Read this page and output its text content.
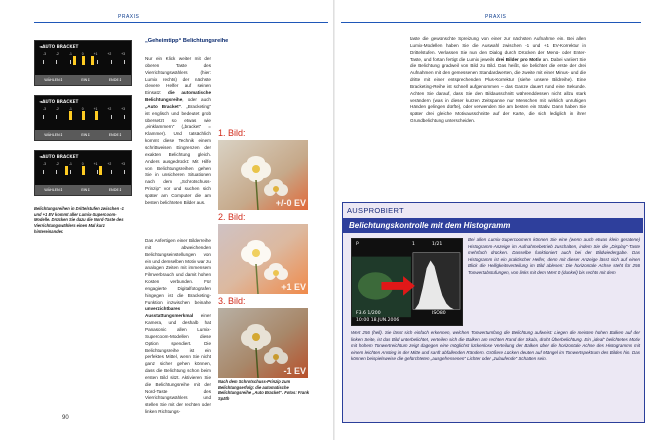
PRAXIS
◄AUTO BRACKET
-3	-2	-1	0	+1	+2	+3
WÄHLEN↕	EIN↕	ENDE↕
◄AUTO BRACKET
-3	-2	-1	0	+1	+2	+3
WÄHLEN↕	EIN↕	ENDE↕
◄AUTO BRACKET
-3	-2	-1	0	+1	+2	+3
WÄHLEN↕	EIN↕	ENDE↕
Belichtungsreihen in Drittelstufen zwischen -1 und +1 EV kommt aller Lumix-Supercoom-Modelle. Drücken Sie dazu die Nord-Taste des Vierrichtungswählers einen Mal kurz hintereinander.
„Geheimtipp“ Belichtungsreihe
Nur ein Klick weiter mit der oberen Taste des Vierrichtungswählers (hier: Lumix rechts) der nächste clevere Helfer auf seinen Einsatz: die automatische Belichtungsreihe, oder auch „Auto Bracket“. „Bracketing“ ist englisch und bedeutet grob übersetzt so etwas wie „einklammern“ („bracket“ = Klammer). Und tatsächlich kommt diese Technik einem schrittweisen Eingrenzen der exakten Belichtung gleich. Anders ausgedrückt: Mit Hilfe von Belichtungsreihen gehen Sie in unsicheren Situationen nach dem „Schrotschuss-Prinzip“ vor und suchen sich später am Computer die am besten belichteten Bilder aus.
Das Anfertigen einer Bilderreihe mit abweichenden Belichtungseinstellungen von ein und demselben Motiv war zu analogen Zeiten mit immensem Filmverbrauch und damit hohen Kosten verbunden. Für engagierte Digitalfotografen hingegen ist die Bracketing-Funktion inzwischen beinahe unverzichtbares Ausstattungsmerkmal einer Kamera, und deshalb hat Panasonic allen Lumix-Supercoom-Modellen diese Option spendiert. Die Belichtungsreihe ist ein perfektes Mittel, wenn Sie nicht ganz sicher gehen können, dass die Belichtung schon beim ersten Bild sitzt. Aktivieren Sie die Belichtungsreihe mit der Nord-Taste des Vierrichtungswählers und stellen Sie mit der rechten oder linken Richtungs-
1. Bild:
+/-0 EV
2. Bild:
+1 EV
3. Bild:
-1 EV
Nach dem Schrotschuss-Prinzip zum Belichtungserfolg: die automatische Belichtungsreihe „Auto Bracket“. Fotos: Frank Späth
90
PRAXIS
taste die gewünschte Spreizung von einer zur nächsten Aufnahme ein. Bei allen Lumix-Modellen haben Sie die Auswahl zwischen -1 und +1 EV-Korrektur in Drittelstufen. Verlassen Sie nun den Dialog durch Drücken der Menü- oder Enter-Taste, und fortan fertigt die Lumix jeweils drei Bilder pro Motiv an. Dabei variiert Sie die Belichtung gradweil von Bild zu Bild. Das heißt, sie belichtet die erste der drei Aufnahmen mit den gemessenen Standardwerten, die zweite mit einer Minus- und die dritte mit einer entsprechenden Plus-Korrektur (siehe unsere Bildreihe). Eine Bracketing-Reihe ist schnell aufgenommen – das Ganze dauert rund eine Sekunde. Achten Sie darauf, dass Sie den Bildausschnitt währenddessen nicht allzu stark verändern (was in dieser kurzen Zeitspanne nur Menschen mit wirklich unruhigen Händen gelingen dürfte), oder verwenden Sie am besten ein Stativ. Dann haben Sie später drei gleiche Motivausschnitte auf der Karte, die sich lediglich in ihrer Grundbelichtung unterscheiden.
AUSPROBIERT
Belichtungskontrolle mit dem Histogramm
P	1	1/21
F3.6 1/200
10:00 18.JUN.2006
ISO80
Bei allen Lumix-Supercoomern können Sie eine (wenn auch etwas klein geratene) Histogramm-Anzeige im Aufnahmebetrieb zuschalten, indem Sie die „Display“-Taste mehrfach drücken. Dasselbe funktioniert auch bei der Bildwiedergabe. Das Histogramm ist ein praktischer Helfer, denn mit dieser Anzeige lässt sich auf einen Blick die Helligkeitsverteilung im Bild ablesen: Die horizontale Achse steht für 256 Tonwertabstufungen, von links mit dem Wert 0 (dunkel) bis rechts mit dem
Wert 256 (hell). Sie lässt sich einfach erkennen, welchen Tonwertumfang die Belichtung aufweist: Liegen die meisten hohen Balken auf der linken Seite, ist das Bild unterbelichtet, verteilen sich die Balken am rechten Rand der Skala, droht Überbelichtung. Ein „ideal“ belichtetes Motiv mit hohem Tonwertreichtum zeigt dagegen eine möglichst lückenlose Verteilung der Balken über die horizontale Achse des Histogramms mit einem leichten Anstieg in der Mitte und sanft abfallenden Rändern. Größere Lücken deuten auf Mängel im Tonwertspektrum des Bildes hin. Das können beispielsweise die gefürchteten „ausgefressenen“ Lichter oder „zulaufende“ Schatten sein.
